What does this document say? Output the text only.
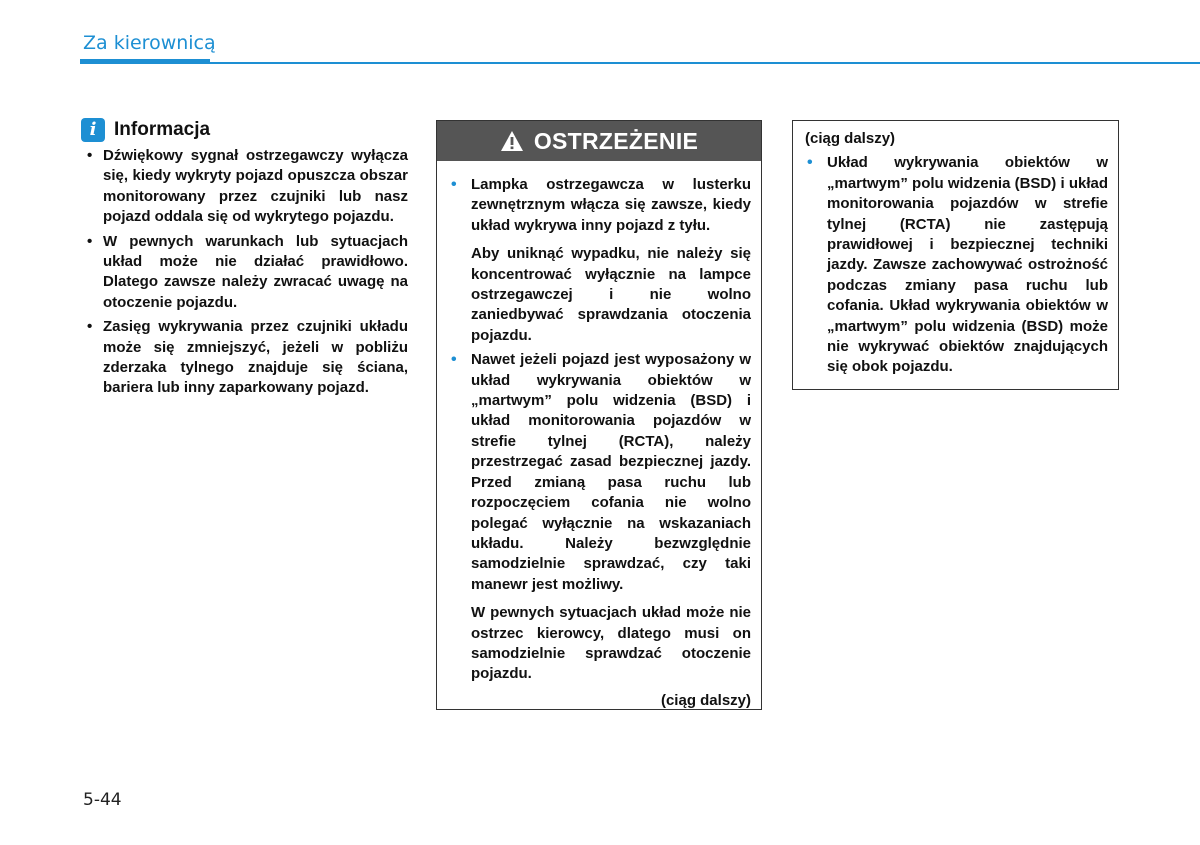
Za kierownicą
i Informacja
• Dźwiękowy sygnał ostrzegawczy wyłącza się, kiedy wykryty pojazd opuszcza obszar monitorowany przez czujniki lub nasz pojazd oddala się od wykrytego pojazdu.

• W pewnych warunkach lub sytuacjach układ może nie działać prawidłowo. Dlatego zawsze należy zwracać uwagę na otoczenie pojazdu.

• Zasięg wykrywania przez czujniki układu może się zmniejszyć, jeżeli w pobliżu zderzaka tylnego znajduje się ściana, bariera lub inny zaparkowany pojazd.

OSTRZEŻENIE
• Lampka ostrzegawcza w lusterku zewnętrznym włącza się zawsze, kiedy układ wykrywa inny pojazd z tyłu.

Aby uniknąć wypadku, nie należy się koncentrować wyłącznie na lampce ostrzegawczej i nie wolno zaniedbywać sprawdzania otoczenia pojazdu.

• Nawet jeżeli pojazd jest wyposażony w układ wykrywania obiektów w „martwym” polu widzenia (BSD) i układ monitorowania pojazdów w strefie tylnej (RCTA), należy przestrzegać zasad bezpiecznej jazdy. Przed zmianą pasa ruchu lub rozpoczęciem cofania nie wolno polegać wyłącznie na wskazaniach układu. Należy bezwzględnie samodzielnie sprawdzać, czy taki manewr jest możliwy.

W pewnych sytuacjach układ może nie ostrzec kierowcy, dlatego musi on samodzielnie sprawdzać otoczenie pojazdu.

(ciąg dalszy)

(ciąg dalszy)

• Układ wykrywania obiektów w „martwym” polu widzenia (BSD) i układ monitorowania pojazdów w strefie tylnej (RCTA) nie zastępują prawidłowej i bezpiecznej techniki jazdy. Zawsze zachowywać ostrożność podczas zmiany pasa ruchu lub cofania. Układ wykrywania obiektów w „martwym” polu widzenia (BSD) może nie wykrywać obiektów znajdujących się obok pojazdu.

5-44
